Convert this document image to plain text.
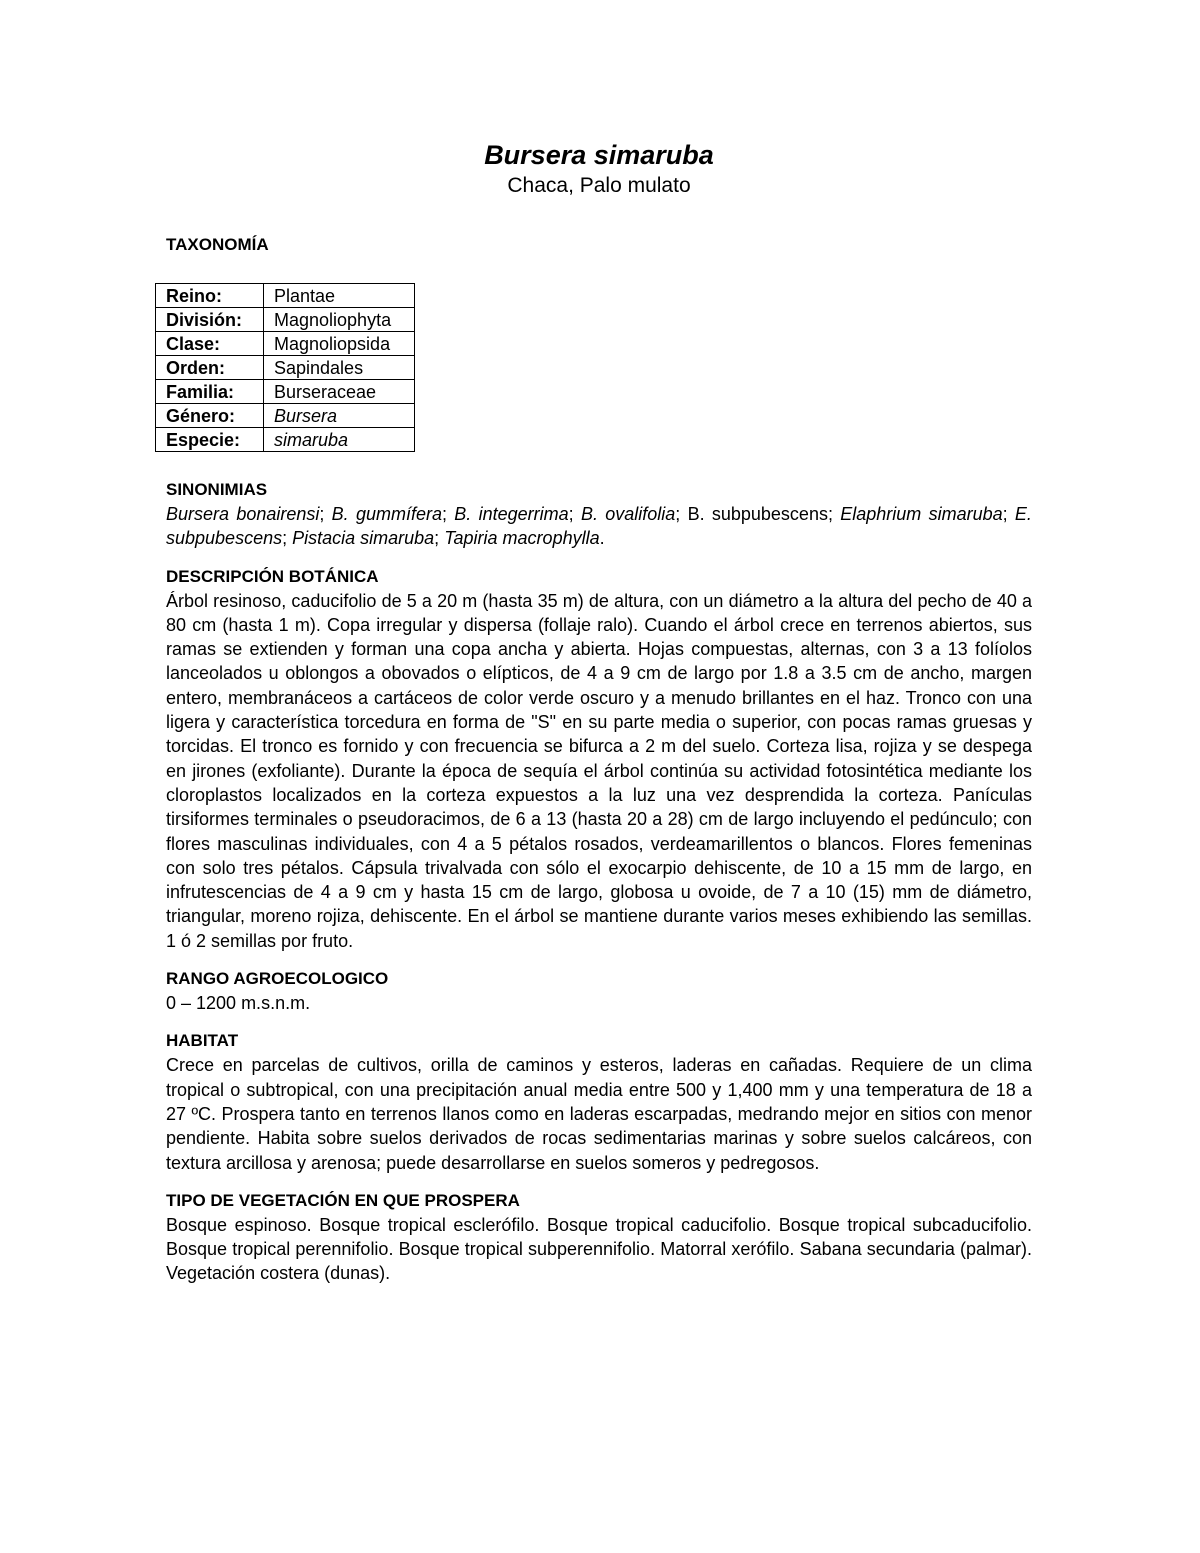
Bursera simaruba

Chaca, Palo mulato

TAXONOMÍA
Reino:	Plantae
División:	Magnoliophyta
Clase:	Magnoliopsida
Orden:	Sapindales
Familia:	Burseraceae
Género:	Bursera
Especie:	simaruba
SINONIMIAS

Bursera bonairensi; B. gummífera; B. integerrima; B. ovalifolia; B. subpubescens; Elaphrium simaruba; E. subpubescens; Pistacia simaruba; Tapiria macrophylla.

DESCRIPCIÓN BOTÁNICA

Árbol resinoso, caducifolio de 5 a 20 m (hasta 35 m) de altura, con un diámetro a la altura del pecho de 40 a 80 cm (hasta 1 m). Copa irregular y dispersa (follaje ralo). Cuando el árbol crece en terrenos abiertos, sus ramas se extienden y forman una copa ancha y abierta. Hojas compuestas, alternas, con 3 a 13 folíolos lanceolados u oblongos a obovados o elípticos, de 4 a 9 cm de largo por 1.8 a 3.5 cm de ancho, margen entero, membranáceos a cartáceos de color verde oscuro y a menudo brillantes en el haz. Tronco con una ligera y característica torcedura en forma de "S" en su parte media o superior, con pocas ramas gruesas y torcidas. El tronco es fornido y con frecuencia se bifurca a 2 m del suelo. Corteza lisa, rojiza y se despega en jirones (exfoliante). Durante la época de sequía el árbol continúa su actividad fotosintética mediante los cloroplastos localizados en la corteza expuestos a la luz una vez desprendida la corteza. Panículas tirsiformes terminales o pseudoracimos, de 6 a 13 (hasta 20 a 28) cm de largo incluyendo el pedúnculo; con flores masculinas individuales, con 4 a 5 pétalos rosados, verdeamarillentos o blancos. Flores femeninas con solo tres pétalos. Cápsula trivalvada con sólo el exocarpio dehiscente, de 10 a 15 mm de largo, en infrutescencias de 4 a 9 cm y hasta 15 cm de largo, globosa u ovoide, de 7 a 10 (15) mm de diámetro, triangular, moreno rojiza, dehiscente. En el árbol se mantiene durante varios meses exhibiendo las semillas. 1 ó 2 semillas por fruto.

RANGO AGROECOLOGICO

0 – 1200 m.s.n.m.

HABITAT

Crece en parcelas de cultivos, orilla de caminos y esteros, laderas en cañadas. Requiere de un clima tropical o subtropical, con una precipitación anual media entre 500 y 1,400 mm y una temperatura de 18 a 27 ºC. Prospera tanto en terrenos llanos como en laderas escarpadas, medrando mejor en sitios con menor pendiente. Habita sobre suelos derivados de rocas sedimentarias marinas y sobre suelos calcáreos, con textura arcillosa y arenosa; puede desarrollarse en suelos someros y pedregosos.

TIPO DE VEGETACIÓN EN QUE PROSPERA

Bosque espinoso. Bosque tropical esclerófilo. Bosque tropical caducifolio. Bosque tropical subcaducifolio. Bosque tropical perennifolio. Bosque tropical subperennifolio. Matorral xerófilo. Sabana secundaria (palmar). Vegetación costera (dunas).
